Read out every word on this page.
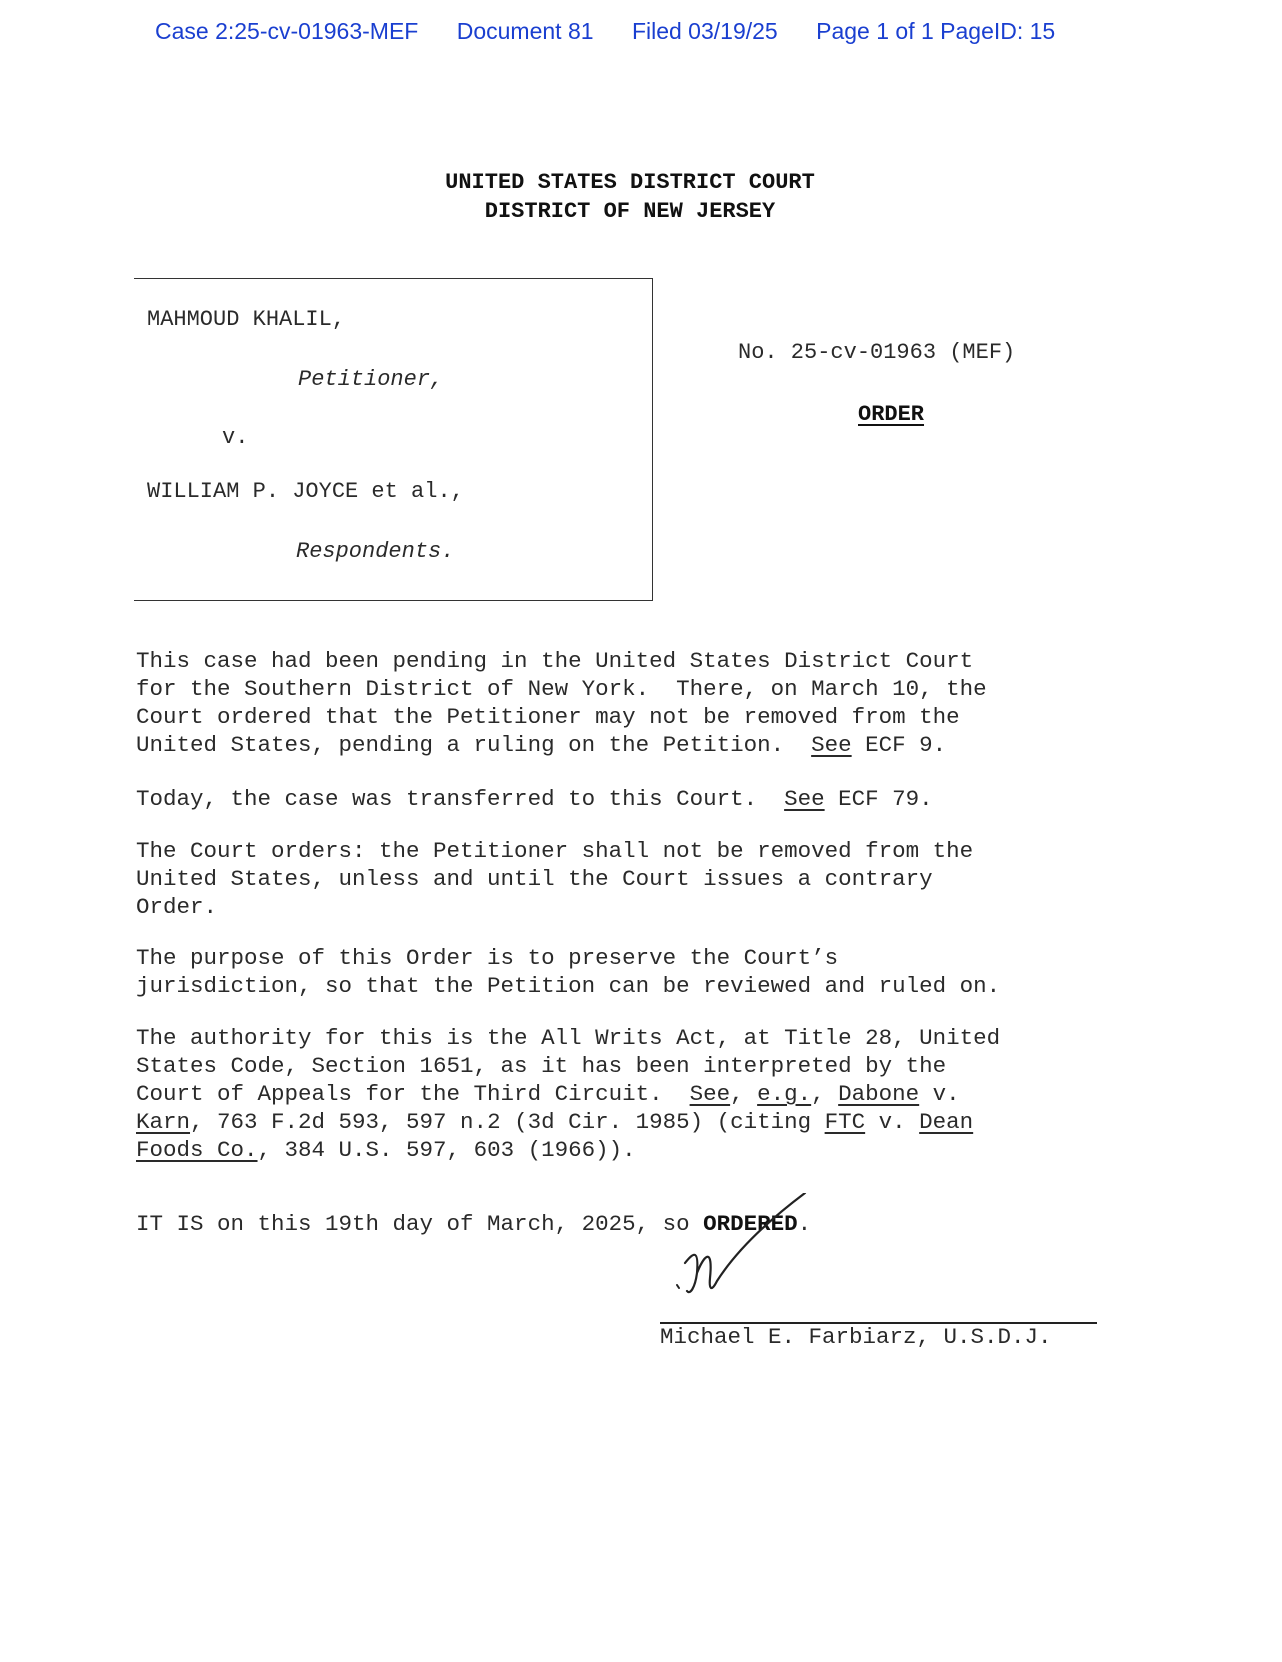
Case 2:25-cv-01963-MEF Document 81 Filed 03/19/25 Page 1 of 1 PageID: 15
UNITED STATES DISTRICT COURT
DISTRICT OF NEW JERSEY
MAHMOUD KHALIL,
Petitioner,
v.
WILLIAM P. JOYCE et al.,
Respondents.
No. 25-cv-01963 (MEF)
ORDER

This case had been pending in the United States District Court
for the Southern District of New York.  There, on March 10, the
Court ordered that the Petitioner may not be removed from the
United States, pending a ruling on the Petition.  See ECF 9.

Today, the case was transferred to this Court.  See ECF 79.

The Court orders: the Petitioner shall not be removed from the
United States, unless and until the Court issues a contrary
Order.

The purpose of this Order is to preserve the Court’s
jurisdiction, so that the Petition can be reviewed and ruled on.

The authority for this is the All Writs Act, at Title 28, United
States Code, Section 1651, as it has been interpreted by the
Court of Appeals for the Third Circuit.  See, e.g., Dabone v.
Karn, 763 F.2d 593, 597 n.2 (3d Cir. 1985) (citing FTC v. Dean
Foods Co., 384 U.S. 597, 603 (1966)).

IT IS on this 19th day of March, 2025, so ORDERED.

Michael E. Farbiarz, U.S.D.J.
